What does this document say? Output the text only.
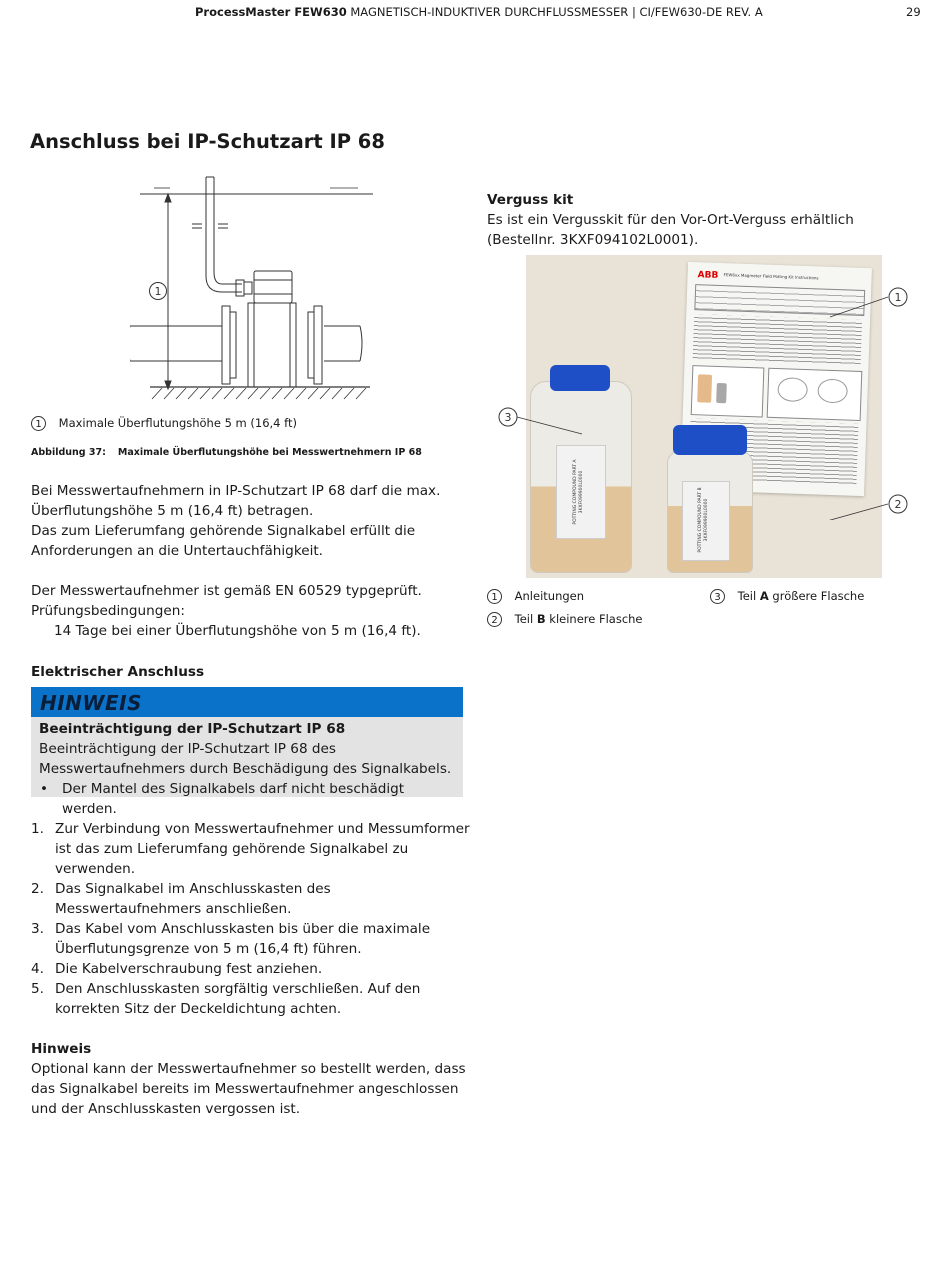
ProcessMaster FEW630 MAGNETISCH-INDUKTIVER DURCHFLUSSMESSER | CI/FEW630-DE REV. A	29
Anschluss bei IP-Schutzart IP 68
1
1 Maximale Überflutungshöhe 5 m (16,4 ft)
Abbildung 37: Maximale Überflutungshöhe bei Messwertnehmern IP 68
Bei Messwertaufnehmern in IP-Schutzart IP 68 darf die max.
Überflutungshöhe 5 m (16,4 ft) betragen.
Das zum Lieferumfang gehörende Signalkabel erfüllt die
Anforderungen an die Untertauchfähigkeit.
Der Messwertaufnehmer ist gemäß EN 60529 typgeprüft.
Prüfungsbedingungen:
14 Tage bei einer Überflutungshöhe von 5 m (16,4 ft).
Elektrischer Anschluss
HINWEIS
Beeinträchtigung der IP-Schutzart IP 68
Beeinträchtigung der IP-Schutzart IP 68 des
Messwertaufnehmers durch Beschädigung des Signalkabels.
• Der Mantel des Signalkabels darf nicht beschädigt werden.
1. Zur Verbindung von Messwertaufnehmer und Messumformer
ist das zum Lieferumfang gehörende Signalkabel zu
verwenden.
2. Das Signalkabel im Anschlusskasten des
Messwertaufnehmers anschließen.
3. Das Kabel vom Anschlusskasten bis über die maximale
Überflutungsgrenze von 5 m (16,4 ft) führen.
4. Die Kabelverschraubung fest anziehen.
5. Den Anschlusskasten sorgfältig verschließen. Auf den
korrekten Sitz der Deckeldichtung achten.
Hinweis
Optional kann der Messwertaufnehmer so bestellt werden, dass
das Signalkabel bereits im Messwertaufnehmer angeschlossen
und der Anschlusskasten vergossen ist.
Verguss kit
Es ist ein Vergusskit für den Vor-Ort-Verguss erhältlich
(Bestellnr. 3KXF094102L0001).
ABB FEW6xx Magmeter Field Potting Kit Instructions
POTTING COMPOUND PART A 3KXF099900L0000	POTTING COMPOUND PART B 3KXF099900L0000
1
2
3
1 Anleitungen	3 Teil A größere Flasche
2 Teil B kleinere Flasche
